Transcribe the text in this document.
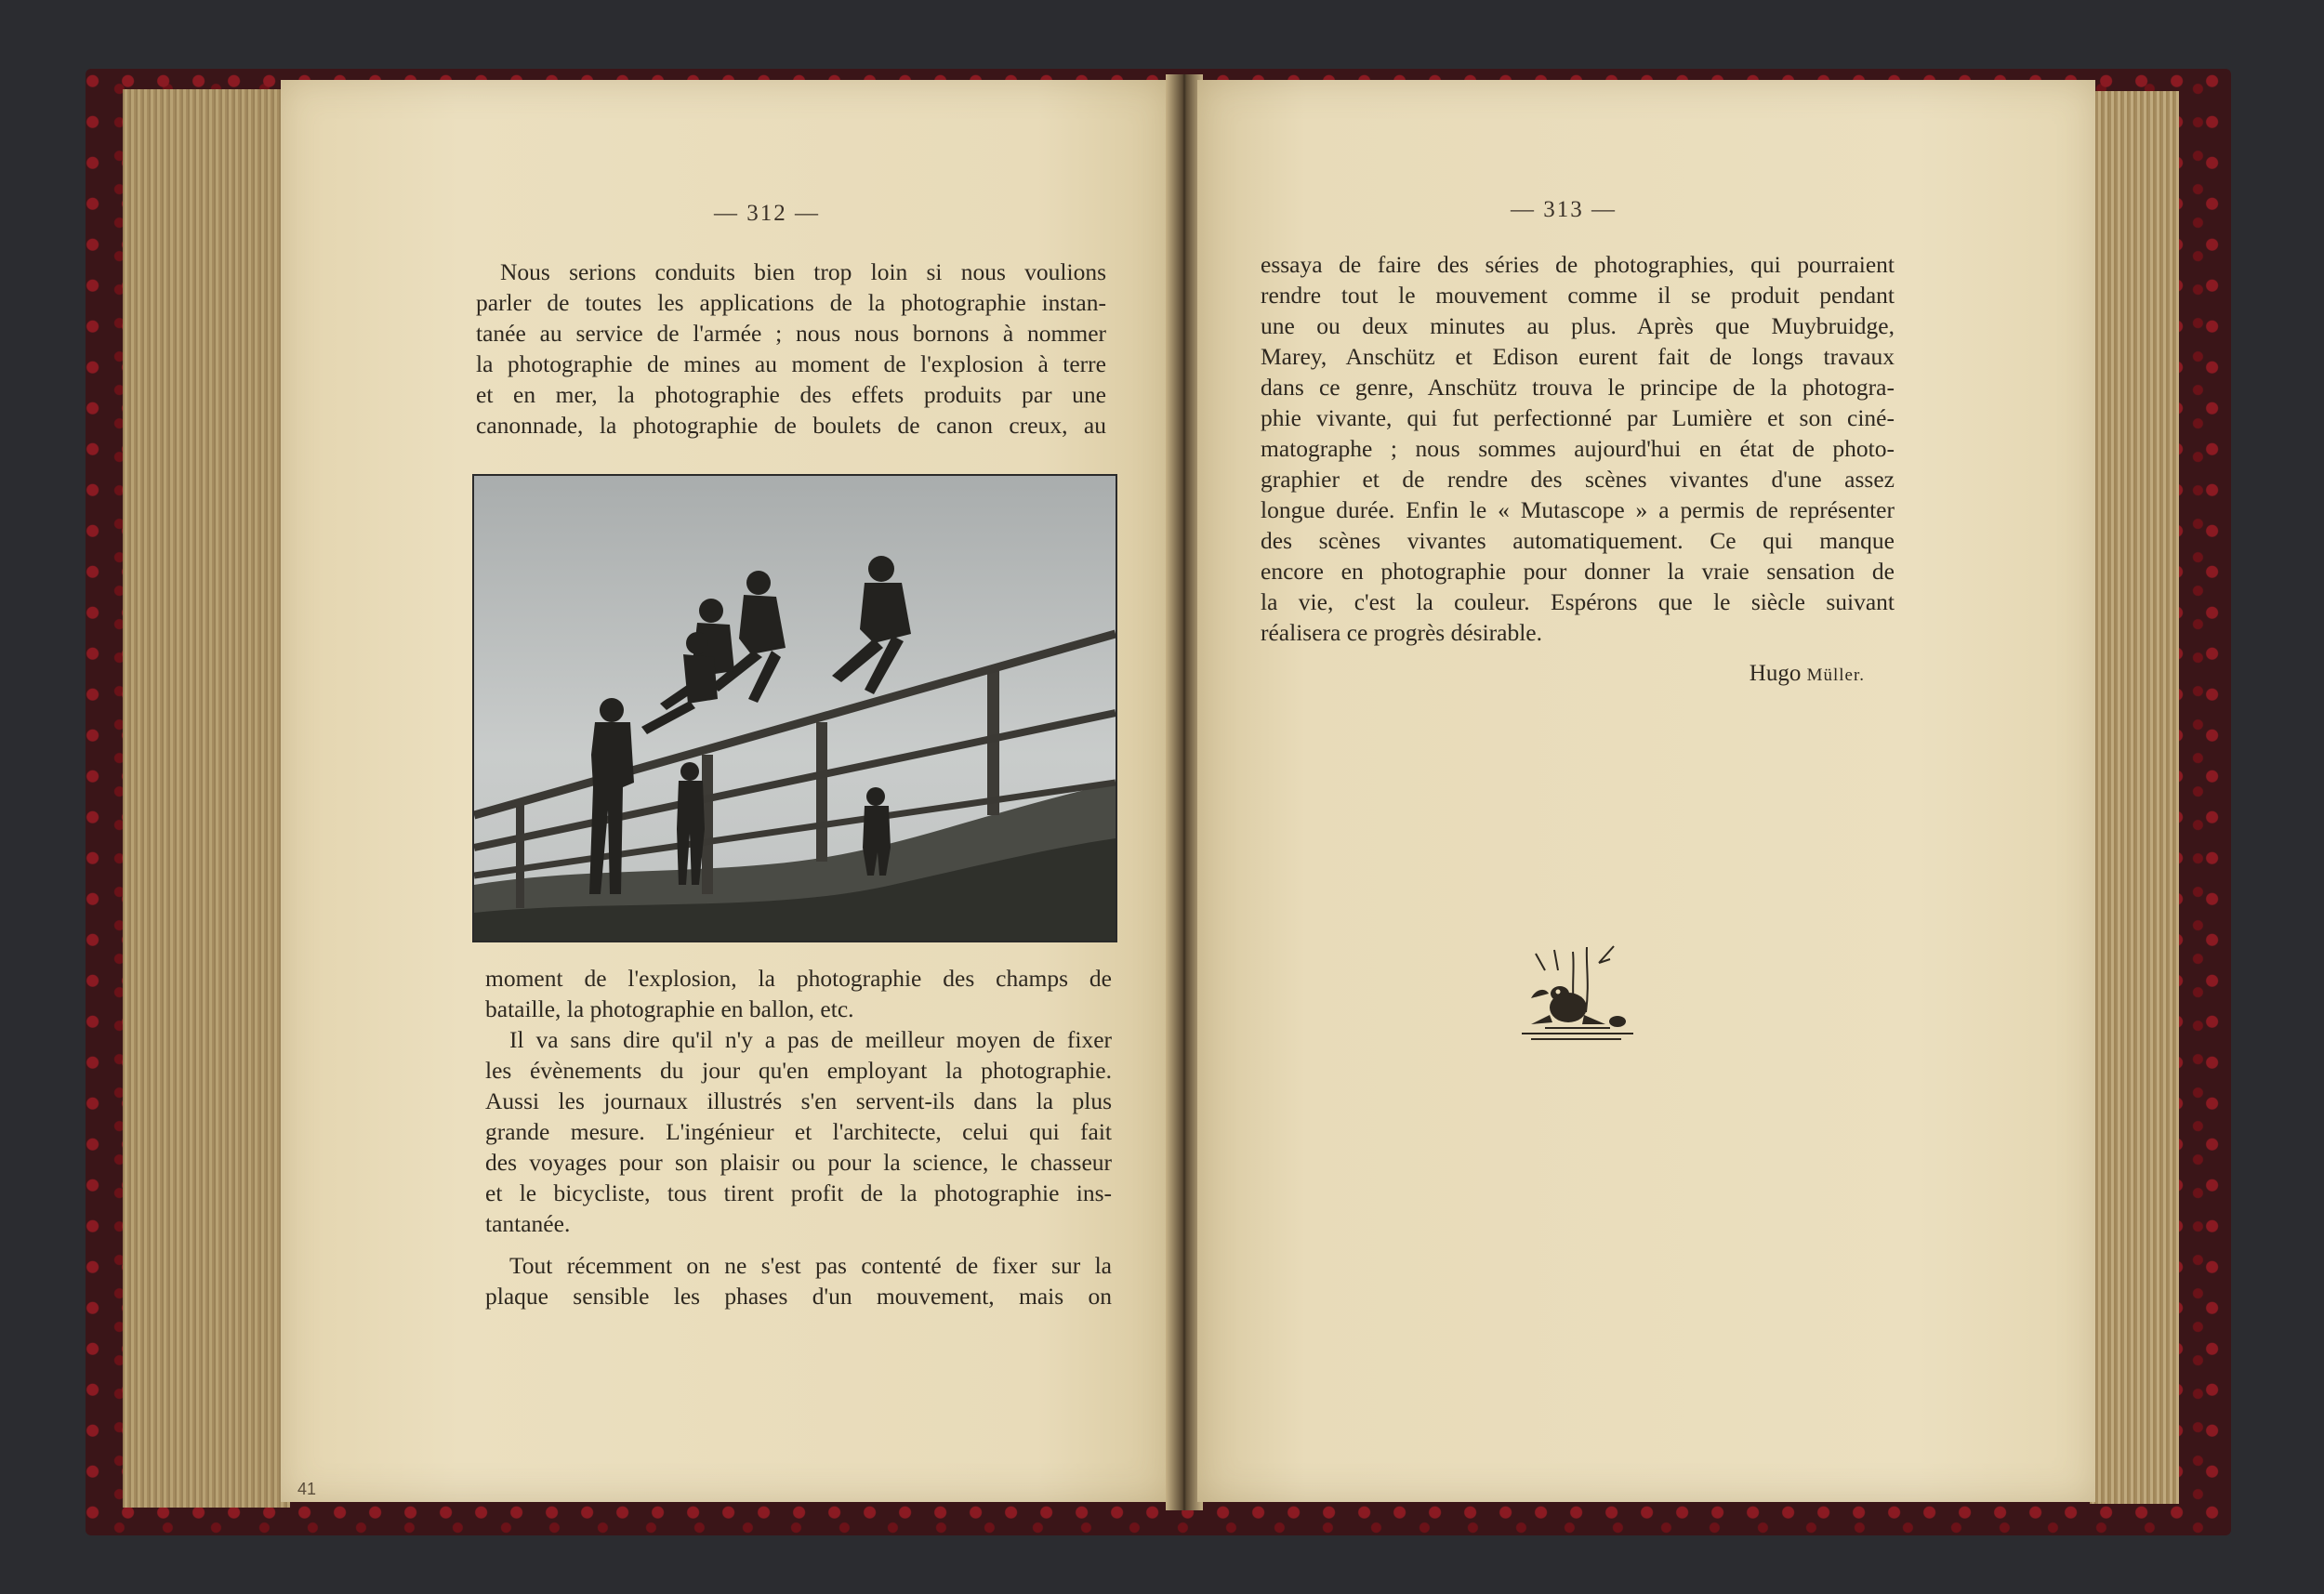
— 312 —
Nous serions conduits bien trop loin si nous voulions
parler de toutes les applications de la photographie instan-
tanée au service de l'armée ; nous nous bornons à nommer
la photographie de mines au moment de l'explosion à terre
et en mer, la photographie des effets produits par une
canonnade, la photographie de boulets de canon creux, au
moment de l'explosion, la photographie des champs de
bataille, la photographie en ballon, etc.
Il va sans dire qu'il n'y a pas de meilleur moyen de fixer
les évènements du jour qu'en employant la photographie.
Aussi les journaux illustrés s'en servent-ils dans la plus
grande mesure. L'ingénieur et l'architecte, celui qui fait
des voyages pour son plaisir ou pour la science, le chasseur
et le bicycliste, tous tirent profit de la photographie ins-
tantanée.
Tout récemment on ne s'est pas contenté de fixer sur la
plaque sensible les phases d'un mouvement, mais on
41
— 313 —
essaya de faire des séries de photographies, qui pourraient
rendre tout le mouvement comme il se produit pendant
une ou deux minutes au plus. Après que Muybruidge,
Marey, Anschütz et Edison eurent fait de longs travaux
dans ce genre, Anschütz trouva le principe de la photogra-
phie vivante, qui fut perfectionné par Lumière et son ciné-
matographe ; nous sommes aujourd'hui en état de photo-
graphier et de rendre des scènes vivantes d'une assez
longue durée. Enfin le « Mutascope » a permis de représenter
des scènes vivantes automatiquement. Ce qui manque
encore en photographie pour donner la vraie sensation de
la vie, c'est la couleur. Espérons que le siècle suivant
réalisera ce progrès désirable.
Hugo Müller.
